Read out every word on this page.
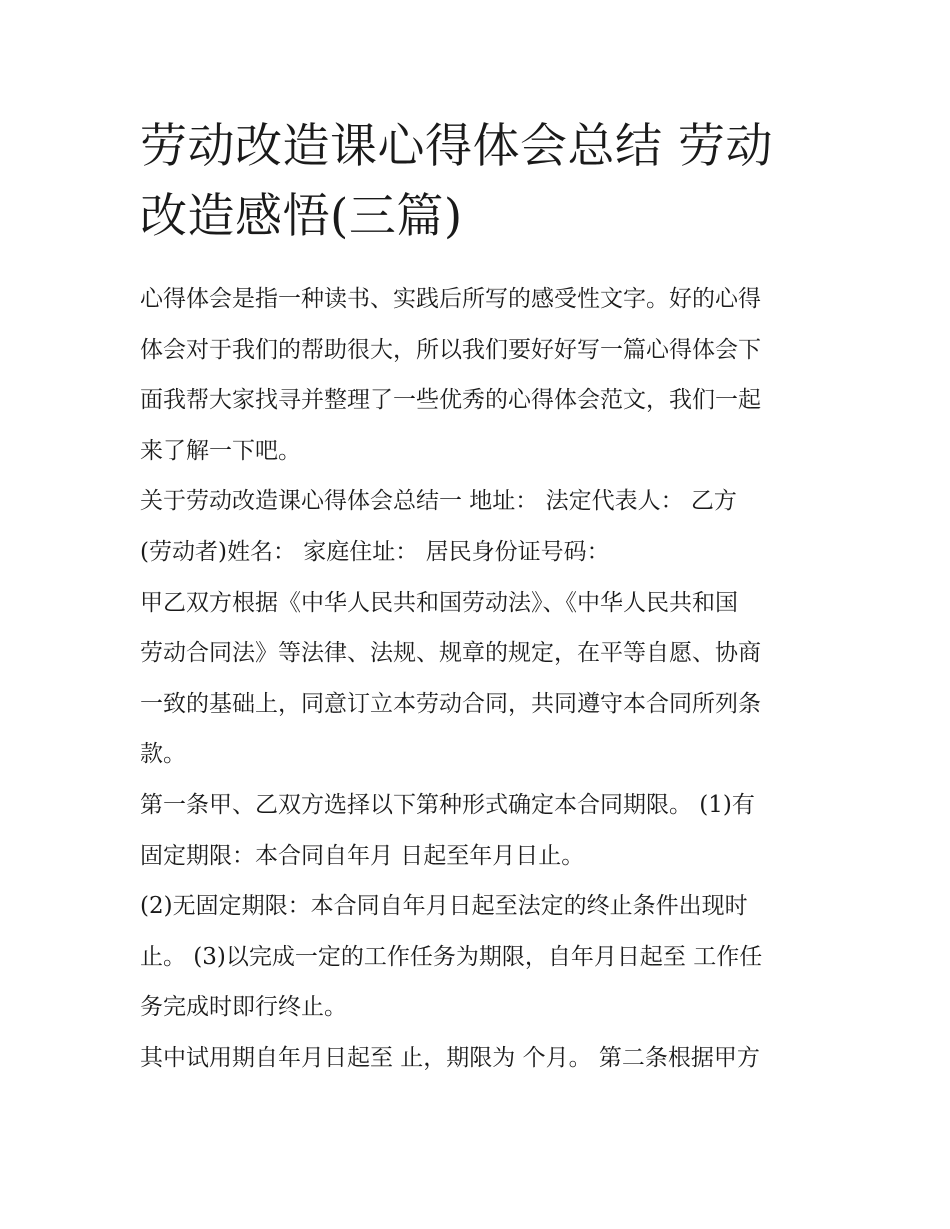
劳动改造课心得体会总结 劳动
改造感悟(三篇)

心得体会是指一种读书、实践后所写的感受性文字。好的心得
体会对于我们的帮助很大，所以我们要好好写一篇心得体会下
面我帮大家找寻并整理了一些优秀的心得体会范文，我们一起
来了解一下吧。

关于劳动改造课心得体会总结一 地址： 法定代表人： 乙方
(劳动者)姓名： 家庭住址： 居民身份证号码：

甲乙双方根据《中华人民共和国劳动法》、《中华人民共和国
劳动合同法》等法律、法规、规章的规定，在平等自愿、协商
一致的基础上，同意订立本劳动合同，共同遵守本合同所列条
款。

第一条甲、乙双方选择以下第种形式确定本合同期限。 (1)有
固定期限：本合同自年月 日起至年月日止。

(2)无固定期限：本合同自年月日起至法定的终止条件出现时
止。 (3)以完成一定的工作任务为期限，自年月日起至 工作任
务完成时即行终止。

其中试用期自年月日起至 止，期限为 个月。 第二条根据甲方
